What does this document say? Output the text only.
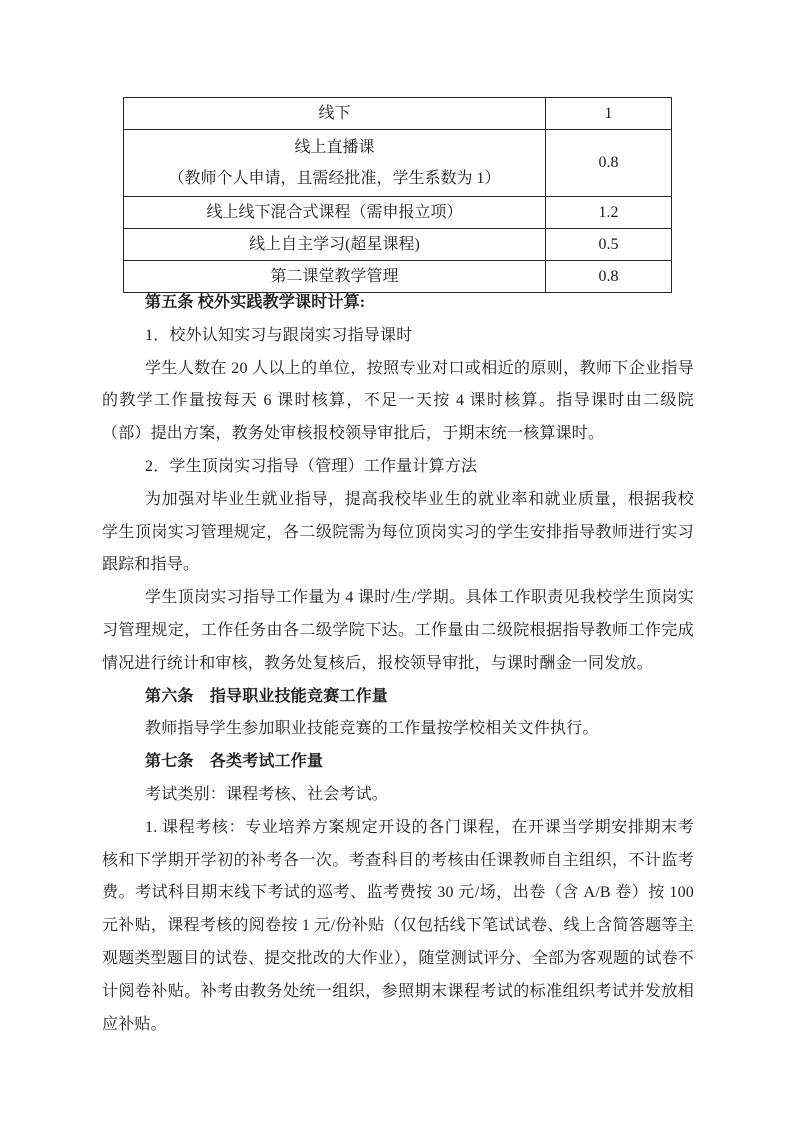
线下	1

线上直播课
（教师个人申请，且需经批准，学生系数为 1）	0.8

线上线下混合式课程（需申报立项）	1.2

线上自主学习(超星课程)	0.5

第二课堂教学管理	0.8

第五条 校外实践教学课时计算:

1．校外认知实习与跟岗实习指导课时

学生人数在 20 人以上的单位，按照专业对口或相近的原则，教师下企业指导的教学工作量按每天 6 课时核算，不足一天按 4 课时核算。指导课时由二级院（部）提出方案，教务处审核报校领导审批后，于期末统一核算课时。

2．学生顶岗实习指导（管理）工作量计算方法

为加强对毕业生就业指导，提高我校毕业生的就业率和就业质量，根据我校学生顶岗实习管理规定，各二级院需为每位顶岗实习的学生安排指导教师进行实习跟踪和指导。

学生顶岗实习指导工作量为 4 课时/生/学期。具体工作职责见我校学生顶岗实习管理规定，工作任务由各二级学院下达。工作量由二级院根据指导教师工作完成情况进行统计和审核，教务处复核后，报校领导审批，与课时酬金一同发放。

第六条　指导职业技能竞赛工作量

教师指导学生参加职业技能竞赛的工作量按学校相关文件执行。

第七条　各类考试工作量

考试类别：课程考核、社会考试。

1. 课程考核：专业培养方案规定开设的各门课程，在开课当学期安排期末考核和下学期开学初的补考各一次。考查科目的考核由任课教师自主组织，不计监考费。考试科目期末线下考试的巡考、监考费按 30 元/场，出卷（含 A/B 卷）按 100 元补贴，课程考核的阅卷按 1 元/份补贴（仅包括线下笔试试卷、线上含简答题等主观题类型题目的试卷、提交批改的大作业），随堂测试评分、全部为客观题的试卷不计阅卷补贴。补考由教务处统一组织，参照期末课程考试的标准组织考试并发放相应补贴。
